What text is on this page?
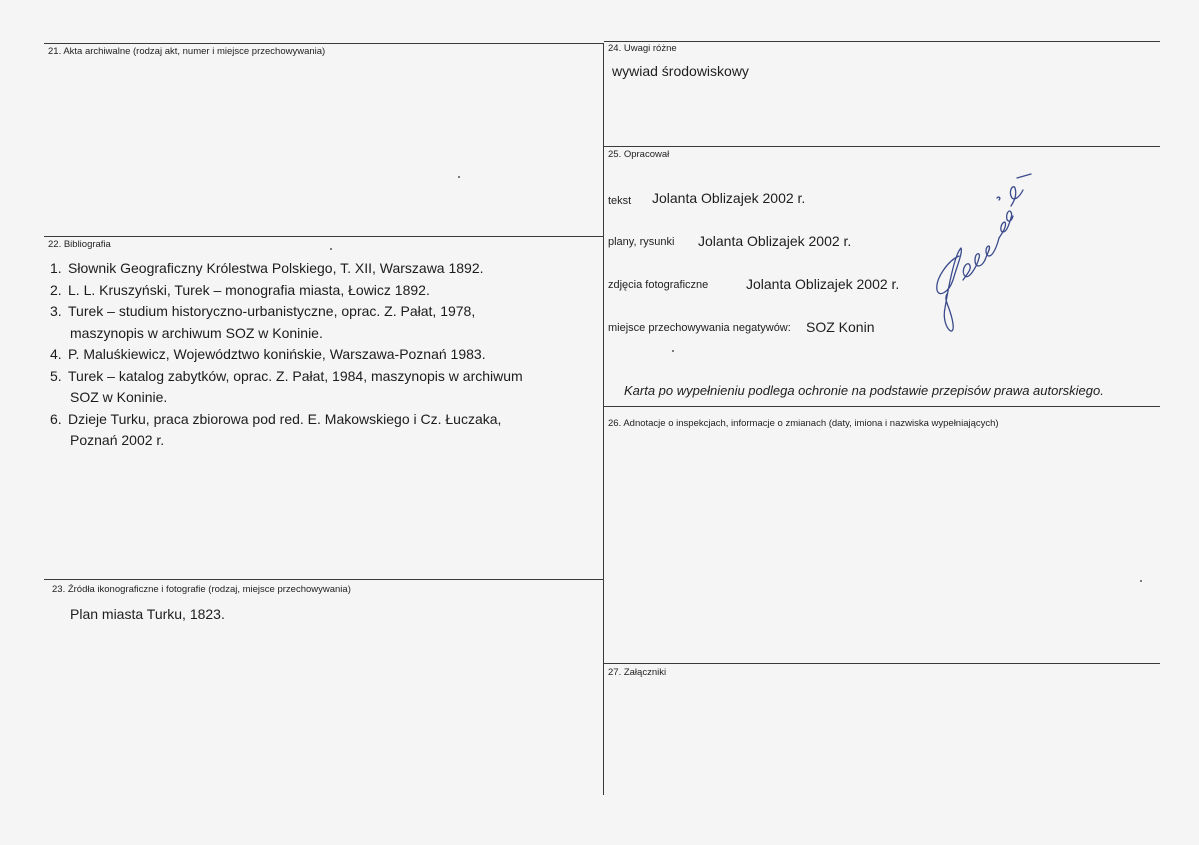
21. Akta archiwalne (rodzaj akt, numer i miejsce przechowywania)
22. Bibliografia
1. Słownik Geograficzny Królestwa Polskiego, T. XII, Warszawa 1892.
2. L. L. Kruszyński, Turek – monografia miasta, Łowicz 1892.
3. Turek – studium historyczno-urbanistyczne, oprac. Z. Pałat, 1978,
maszynopis w archiwum SOZ w Koninie.
4. P. Maluśkiewicz, Województwo konińskie, Warszawa-Poznań 1983.
5. Turek – katalog zabytków, oprac. Z. Pałat, 1984, maszynopis w archiwum
SOZ w Koninie.
6. Dzieje Turku, praca zbiorowa pod red. E. Makowskiego i Cz. Łuczaka,
Poznań 2002 r.
23. Źródła ikonograficzne i fotografie (rodzaj, miejsce przechowywania)
Plan miasta Turku, 1823.
24. Uwagi różne
wywiad środowiskowy
25. Opracował
tekst Jolanta Oblizajek 2002 r.
plany, rysunki Jolanta Oblizajek 2002 r.
zdjęcia fotograficzne	Jolanta Oblizajek 2002 r.
miejsce przechowywania negatywów: SOZ Konin
Karta po wypełnieniu podlega ochronie na podstawie przepisów prawa autorskiego.
26. Adnotacje o inspekcjach, informacje o zmianach (daty, imiona i nazwiska wypełniających)
27. Załączniki
